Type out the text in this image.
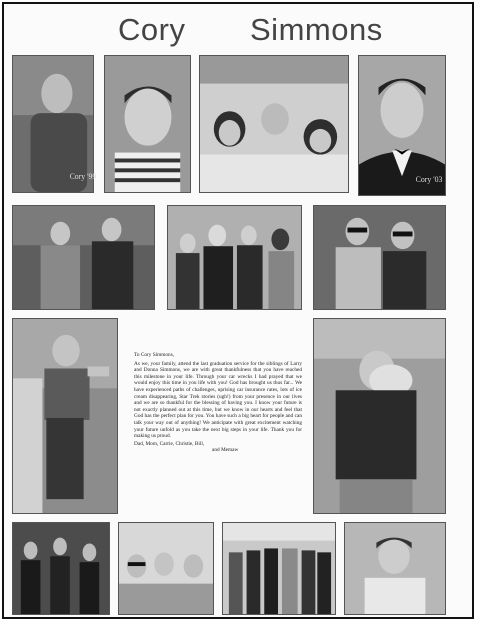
Cory Simmons
Cory '99	Cory '03

To Cory Simmons,

As we, your family, attend the last graduation service for the siblings of Larry and Donna Simmons, we are with great thankfulness that you have reached this milestone in your life. Through your car wrecks I had prayed that we would enjoy this time in you life with you! God has brought us thus far... We have experienced paths of challenges, uprising car insurance rates, lots of ice cream disappearing, Star Trek stories (ugh!) from your presence in our lives and we are so thankful for the blessing of having you. I know your future is not exactly planned out at this time, but we know in our hearts and feel that God has the perfect plan for you. You have such a big heart for people and can talk your way out of anything! We anticipate with great excitement watching your future unfold as you take the next big steps in your life. Thank you for making us proud.

Dad, Mom, Carrie, Christie, Bill,

and Memaw
